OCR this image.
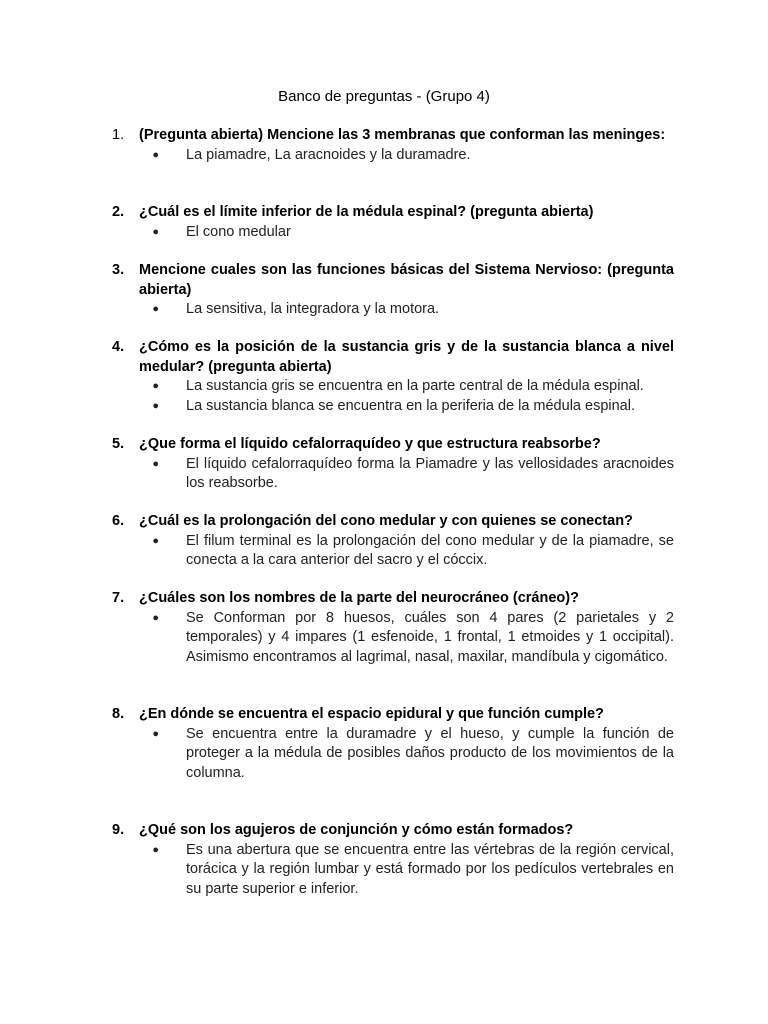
Banco de preguntas - (Grupo 4)
1.	(Pregunta abierta) Mencione las 3 membranas que conforman las meninges:
●	La piamadre, La aracnoides y la duramadre.
2.	¿Cuál es el límite inferior de la médula espinal? (pregunta abierta)
●	El cono medular
3.	Mencione cuales son las funciones básicas del Sistema Nervioso: (pregunta abierta)
●	La sensitiva, la integradora y la motora.
4.	¿Cómo es la posición de la sustancia gris y de la sustancia blanca a nivel medular? (pregunta abierta)
●	La sustancia gris se encuentra en la parte central de la médula espinal.
●	La sustancia blanca se encuentra en la periferia de la médula espinal.
5.	¿Que forma el líquido cefalorraquídeo y que estructura reabsorbe?
●	El líquido cefalorraquídeo forma la Piamadre y las vellosidades aracnoides los reabsorbe.
6.	¿Cuál es la prolongación del cono medular y con quienes se conectan?
●	El filum terminal es la prolongación del cono medular y de la piamadre, se conecta a la cara anterior del sacro y el cóccix.
7.	¿Cuáles son los nombres de la parte del neurocráneo (cráneo)?
●	Se Conforman por 8 huesos, cuáles son 4 pares (2 parietales y 2 temporales) y 4 impares (1 esfenoide, 1 frontal, 1 etmoides y 1 occipital). Asimismo encontramos al lagrimal, nasal, maxilar, mandíbula y cigomático.
8.	¿En dónde se encuentra el espacio epidural y que función cumple?
●	Se encuentra entre la duramadre y el hueso, y cumple la función de proteger a la médula de posibles daños producto de los movimientos de la columna.
9.	¿Qué son los agujeros de conjunción y cómo están formados?
●	Es una abertura que se encuentra entre las vértebras de la región cervical, torácica y la región lumbar y está formado por los pedículos vertebrales en su parte superior e inferior.
